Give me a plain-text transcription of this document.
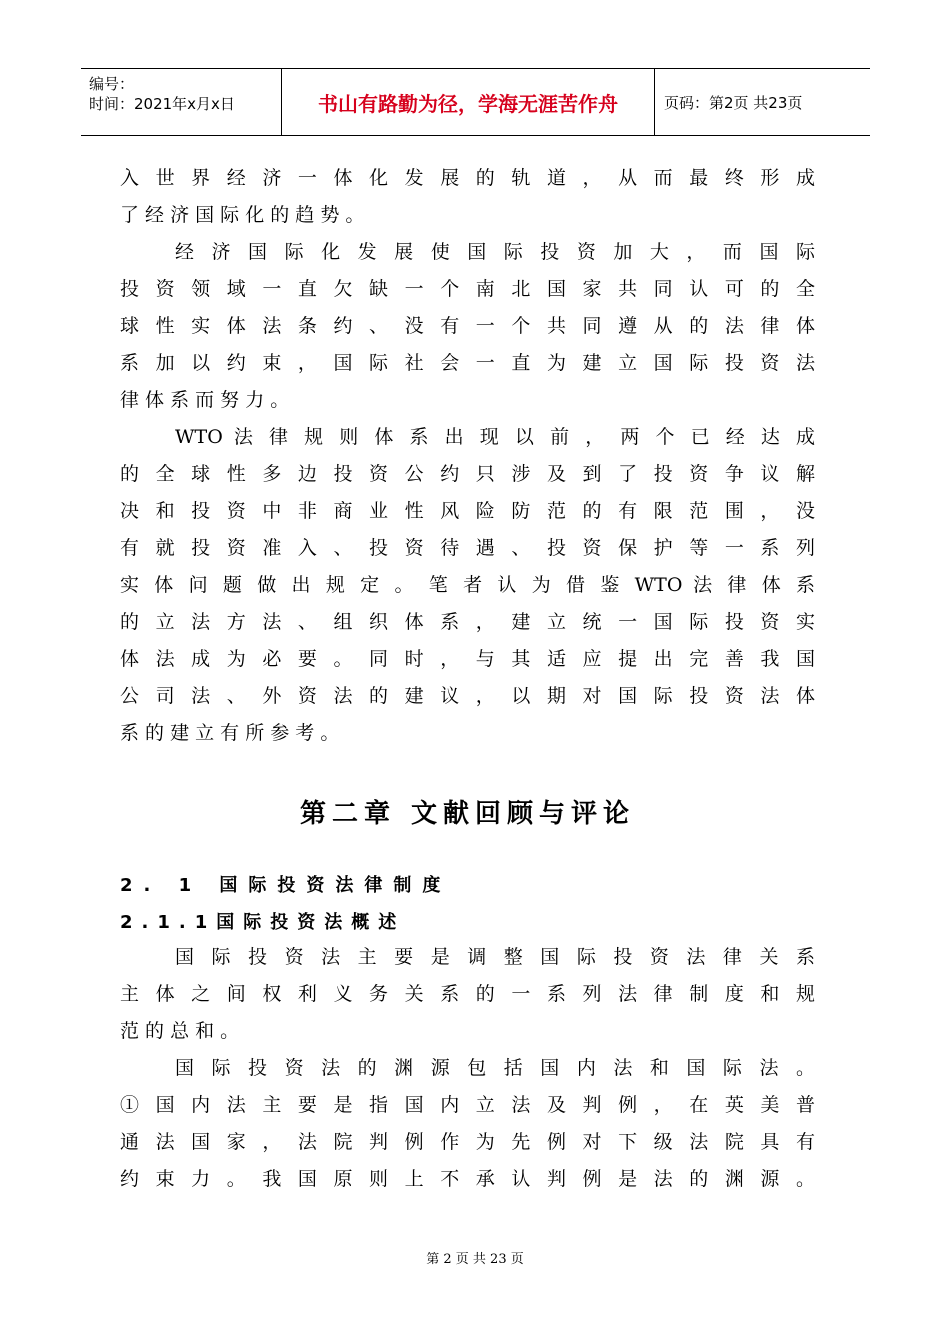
编号：
时间：2021年x月x日	书山有路勤为径，学海无涯苦作舟	页码：第2页 共23页
入 世 界 经 济 一 体 化 发 展 的 轨 道 ， 从 而 最 终 形 成
了 经 济 国 际 化 的 趋 势 。
经 济 国 际 化 发 展 使 国 际 投 资 加 大 ， 而 国 际
投 资 领 域 一 直 欠 缺 一 个 南 北 国 家 共 同 认 可 的 全
球 性 实 体 法 条 约 、 没 有 一 个 共 同 遵 从 的 法 律 体
系 加 以 约 束 ， 国 际 社 会 一 直 为 建 立 国 际 投 资 法
律 体 系 而 努 力 。
WTO 法 律 规 则 体 系 出 现 以 前 ， 两 个 已 经 达 成
的 全 球 性 多 边 投 资 公 约 只 涉 及 到 了 投 资 争 议 解
决 和 投 资 中 非 商 业 性 风 险 防 范 的 有 限 范 围 ， 没
有 就 投 资 准 入 、 投 资 待 遇 、 投 资 保 护 等 一 系 列
实 体 问 题 做 出 规 定 。 笔 者 认 为 借 鉴 WTO 法 律 体 系
的 立 法 方 法 、 组 织 体 系 ， 建 立 统 一 国 际 投 资 实
体 法 成 为 必 要 。 同 时 ， 与 其 适 应 提 出 完 善 我 国
公 司 法 、 外 资 法 的 建 议 ， 以 期 对 国 际 投 资 法 体
系 的 建 立 有 所 参 考 。
第二章 文献回顾与评论
2. 1 国际投资法律制度
2.1.1国际投资法概述
国 际 投 资 法 主 要 是 调 整 国 际 投 资 法 律 关 系
主 体 之 间 权 利 义 务 关 系 的 一 系 列 法 律 制 度 和 规
范 的 总 和 。
国 际 投 资 法 的 渊 源 包 括 国 内 法 和 国 际 法 。
① 国 内 法 主 要 是 指 国 内 立 法 及 判 例 ， 在 英 美 普
通 法 国 家 ， 法 院 判 例 作 为 先 例 对 下 级 法 院 具 有
约 束 力 。 我 国 原 则 上 不 承 认 判 例 是 法 的 渊 源 。
第 2 页 共 23 页
